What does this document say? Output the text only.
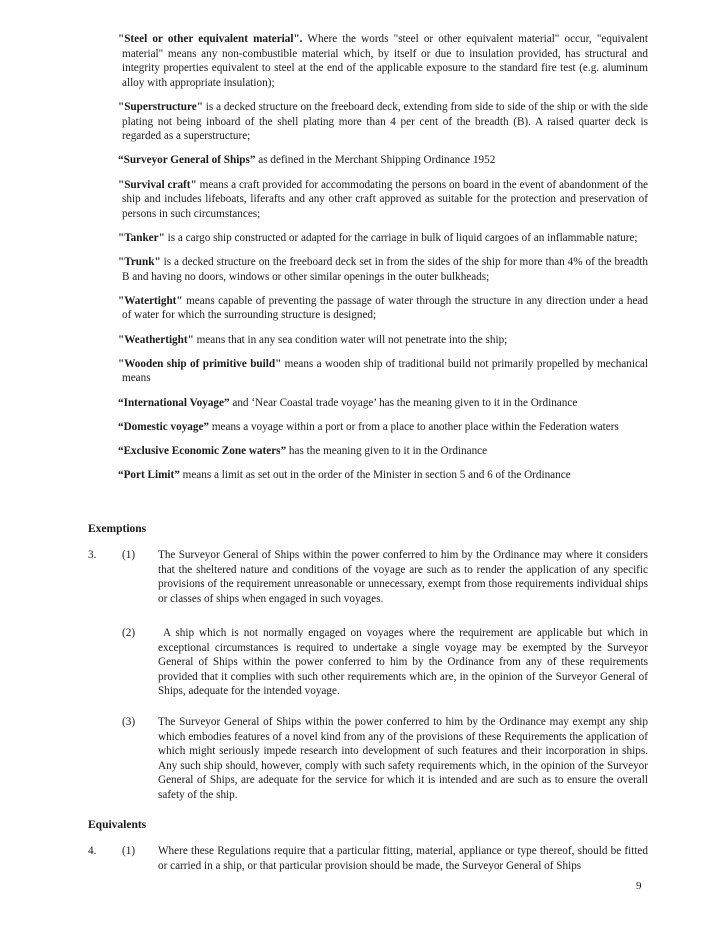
"Steel or other equivalent material". Where the words "steel or other equivalent material" occur, "equivalent material" means any non-combustible material which, by itself or due to insulation provided, has structural and integrity properties equivalent to steel at the end of the applicable exposure to the standard fire test (e.g. aluminum alloy with appropriate insulation);

"Superstructure" is a decked structure on the freeboard deck, extending from side to side of the ship or with the side plating not being inboard of the shell plating more than 4 per cent of the breadth (B). A raised quarter deck is regarded as a superstructure;

“Surveyor General of Ships” as defined in the Merchant Shipping Ordinance 1952

"Survival craft" means a craft provided for accommodating the persons on board in the event of abandonment of the ship and includes lifeboats, liferafts and any other craft approved as suitable for the protection and preservation of persons in such circumstances;

"Tanker" is a cargo ship constructed or adapted for the carriage in bulk of liquid cargoes of an inflammable nature;

"Trunk" is a decked structure on the freeboard deck set in from the sides of the ship for more than 4% of the breadth B and having no doors, windows or other similar openings in the outer bulkheads;

"Watertight" means capable of preventing the passage of water through the structure in any direction under a head of water for which the surrounding structure is designed;

"Weathertight" means that in any sea condition water will not penetrate into the ship;

"Wooden ship of primitive build" means a wooden ship of traditional build not primarily propelled by mechanical means

“International Voyage” and ‘Near Coastal trade voyage’ has the meaning given to it in the Ordinance

“Domestic voyage” means a voyage within a port or from a place to another place within the Federation waters

“Exclusive Economic Zone waters” has the meaning given to it in the Ordinance

“Port Limit” means a limit as set out in the order of the Minister in section 5 and 6 of the Ordinance

Exemptions
3. (1) The Surveyor General of Ships within the power conferred to him by the Ordinance may where it considers that the sheltered nature and conditions of the voyage are such as to render the application of any specific provisions of the requirement unreasonable or unnecessary, exempt from those requirements individual ships or classes of ships when engaged in such voyages.
(2) A ship which is not normally engaged on voyages where the requirement are applicable but which in exceptional circumstances is required to undertake a single voyage may be exempted by the Surveyor General of Ships within the power conferred to him by the Ordinance from any of these requirements provided that it complies with such other requirements which are, in the opinion of the Surveyor General of Ships, adequate for the intended voyage.
(3) The Surveyor General of Ships within the power conferred to him by the Ordinance may exempt any ship which embodies features of a novel kind from any of the provisions of these Requirements the application of which might seriously impede research into development of such features and their incorporation in ships. Any such ship should, however, comply with such safety requirements which, in the opinion of the Surveyor General of Ships, are adequate for the service for which it is intended and are such as to ensure the overall safety of the ship.
Equivalents
4. (1) Where these Regulations require that a particular fitting, material, appliance or type thereof, should be fitted or carried in a ship, or that particular provision should be made, the Surveyor General of Ships
9
